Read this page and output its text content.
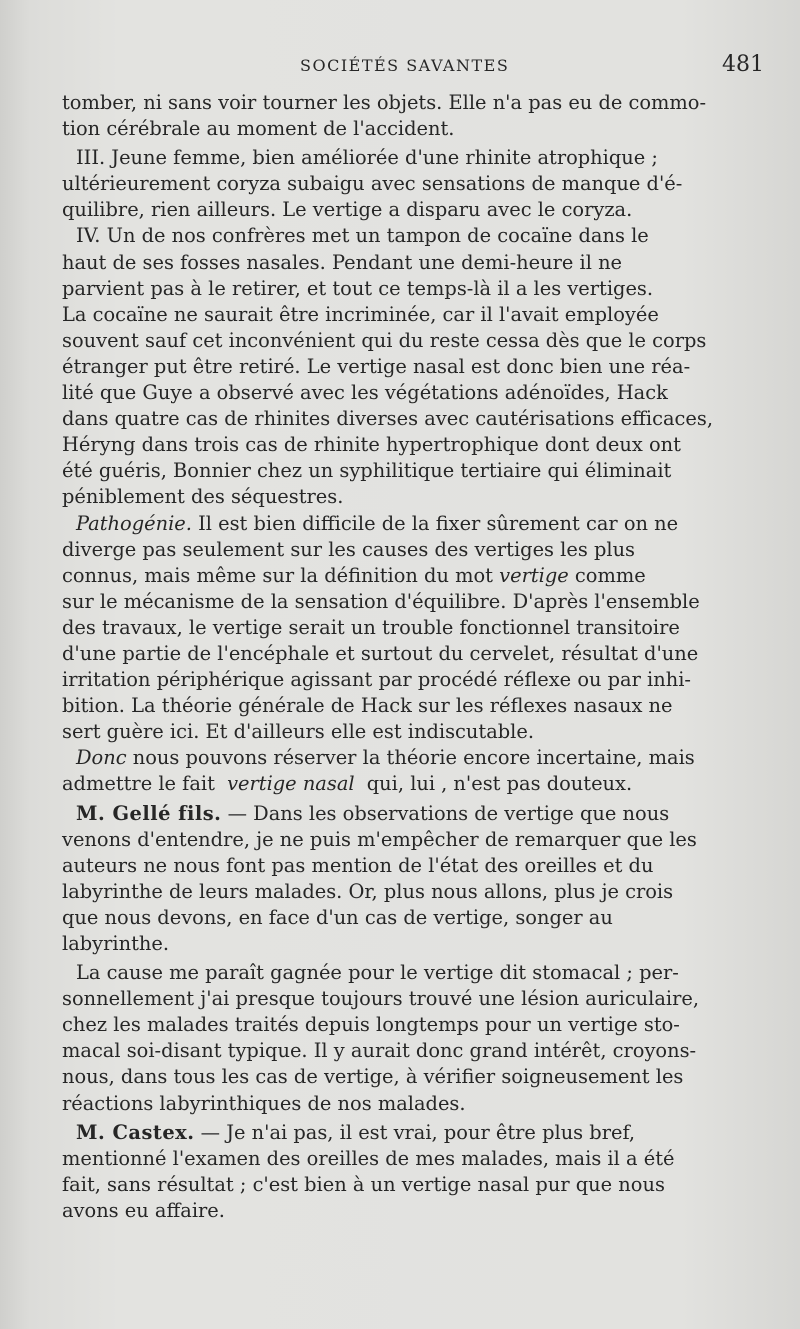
SOCIÉTÉS SAVANTES	481
tomber, ni sans voir tourner les objets. Elle n'a pas eu de commo-
tion cérébrale au moment de l'accident.
III. Jeune femme, bien améliorée d'une rhinite atrophique ;
ultérieurement coryza subaigu avec sensations de manque d'é-
quilibre, rien ailleurs. Le vertige a disparu avec le coryza.
IV. Un de nos confrères met un tampon de cocaïne dans le
haut de ses fosses nasales. Pendant une demi-heure il ne
parvient pas à le retirer, et tout ce temps-là il a les vertiges.
La cocaïne ne saurait être incriminée, car il l'avait employée
souvent sauf cet inconvénient qui du reste cessa dès que le corps
étranger put être retiré. Le vertige nasal est donc bien une réa-
lité que Guye a observé avec les végétations adénoïdes, Hack
dans quatre cas de rhinites diverses avec cautérisations efficaces,
Héryng dans trois cas de rhinite hypertrophique dont deux ont
été guéris, Bonnier chez un syphilitique tertiaire qui éliminait
péniblement des séquestres.
Pathogénie. Il est bien difficile de la fixer sûrement car on ne
diverge pas seulement sur les causes des vertiges les plus
connus, mais même sur la définition du mot vertige comme
sur le mécanisme de la sensation d'équilibre. D'après l'ensemble
des travaux, le vertige serait un trouble fonctionnel transitoire
d'une partie de l'encéphale et surtout du cervelet, résultat d'une
irritation périphérique agissant par procédé réflexe ou par inhi-
bition. La théorie générale de Hack sur les réflexes nasaux ne
sert guère ici. Et d'ailleurs elle est indiscutable.
Donc nous pouvons réserver la théorie encore incertaine, mais
admettre le fait vertige nasal qui, lui , n'est pas douteux.
M. Gellé fils. — Dans les observations de vertige que nous
venons d'entendre, je ne puis m'empêcher de remarquer que les
auteurs ne nous font pas mention de l'état des oreilles et du
labyrinthe de leurs malades. Or, plus nous allons, plus je crois
que nous devons, en face d'un cas de vertige, songer au
labyrinthe.
La cause me paraît gagnée pour le vertige dit stomacal ; per-
sonnellement j'ai presque toujours trouvé une lésion auriculaire,
chez les malades traités depuis longtemps pour un vertige sto-
macal soi-disant typique. Il y aurait donc grand intérêt, croyons-
nous, dans tous les cas de vertige, à vérifier soigneusement les
réactions labyrinthiques de nos malades.
M. Castex. — Je n'ai pas, il est vrai, pour être plus bref,
mentionné l'examen des oreilles de mes malades, mais il a été
fait, sans résultat ; c'est bien à un vertige nasal pur que nous
avons eu affaire.
